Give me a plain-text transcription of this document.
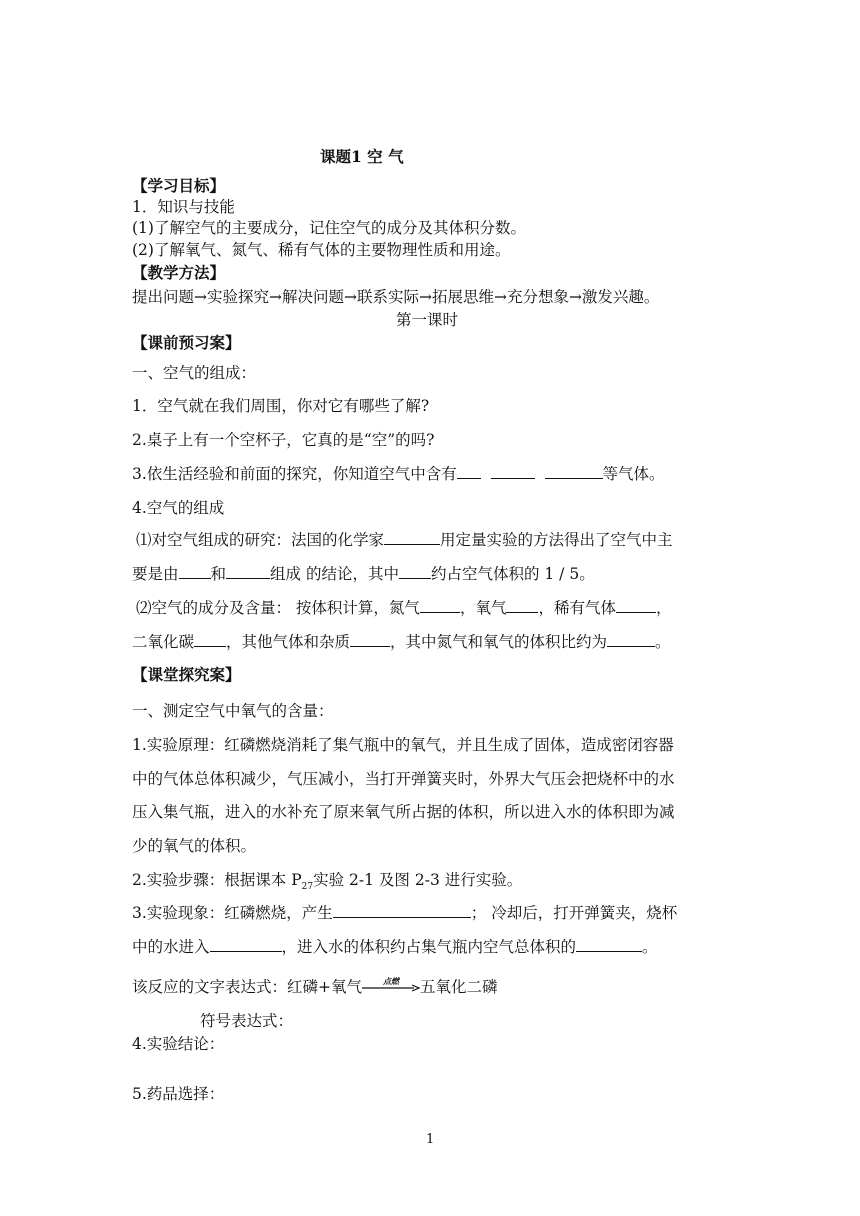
课题1 空 气
【学习目标】
1．知识与技能
(1)了解空气的主要成分，记住空气的成分及其体积分数。
(2)了解氧气、氮气、稀有气体的主要物理性质和用途。
【教学方法】
提出问题→实验探究→解决问题→联系实际→拓展思维→充分想象→激发兴趣。
第一课时
【课前预习案】
一、空气的组成：
1．空气就在我们周围，你对它有哪些了解?
2.桌子上有一个空杯子，它真的是“空”的吗?
3.依生活经验和前面的探究，你知道空气中含有	等气体。
4.空气的组成
⑴对空气组成的研究：法国的化学家	用定量实验的方法得出了空气中主
要是由 和	组成 的结论，其中 约占空气体积的 1 / 5。
⑵空气的成分及含量： 按体积计算，氮气	，氧气 ，稀有气体	，
二氧化碳 ，其他气体和杂质	，其中氮气和氧气的体积比约为	。
【课堂探究案】
一、测定空气中氧气的含量：
1.实验原理：红磷燃烧消耗了集气瓶中的氧气，并且生成了固体，造成密闭容器
中的气体总体积减少，气压减小，当打开弹簧夹时，外界大气压会把烧杯中的水
压入集气瓶，进入的水补充了原来氧气所占据的体积，所以进入水的体积即为减
少的氧气的体积。
2.实验步骤：根据课本 $P_{27}$实验 2-1 及图 2-3 进行实验。
3.实验现象：红磷燃烧，产生	； 冷却后，打开弹簧夹，烧杯
中的水进入	，进入水的体积约占集气瓶内空气总体积的	。
该反应的文字表达式：红磷+氧气	点燃	五氧化二磷
符号表达式：
4.实验结论：
5.药品选择：
1
